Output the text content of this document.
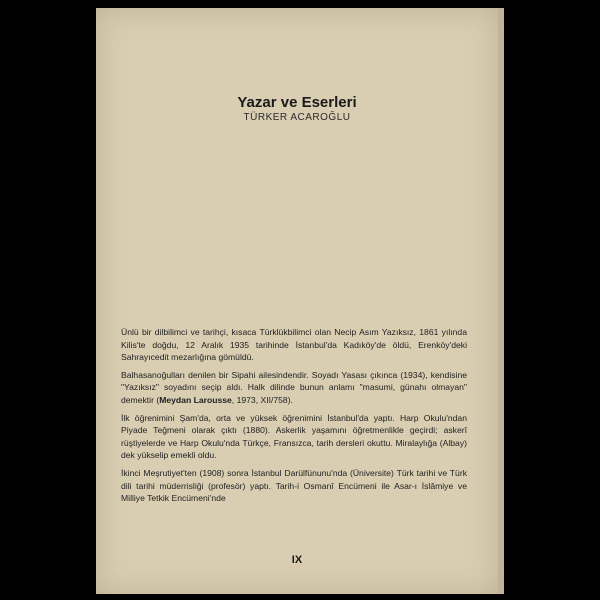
Yazar ve Eserleri
TÜRKER ACAROĞLU

Ünlü bir dilbilimci ve tarihçi, kısaca Türklükbilimci olan Necip Asım Yazıksız, 1861 yılında Kilis'te doğdu, 12 Aralık 1935 tarihinde İstanbul'da Kadıköy'de öldü, Erenköy'deki Sahrayıcedit mezarlığına gömüldü.

Balhasanoğulları denilen bir Sipahi ailesindendir. Soyadı Yasası çıkınca (1934), kendisine "Yazıksız" soyadını seçip aldı. Halk dilinde bunun anlamı "masumi, günahı olmayan" demektir (Meydan Larousse, 1973, XII/758).

İlk öğrenimini Şam'da, orta ve yüksek öğrenimini İstanbul'da yaptı. Harp Okulu'ndan Piyade Teğmeni olarak çıktı (1880). Askerlik yaşamını öğretmenlikle geçirdi; askerî rüştiyelerde ve Harp Okulu'nda Türkçe, Fransızca, tarih dersleri okuttu. Miralaylığa (Albay) dek yükselip emekli oldu.

İkinci Meşrutiyet'ten (1908) sonra İstanbul Darülfünunu'nda (Üniversite) Türk tarihi ve Türk dili tarihi müderrisliği (profesör) yaptı. Tarih-i Osmanî Encümeni ile Asar-ı İslâmiye ve Milliye Tetkik Encümeni'nde

IX
